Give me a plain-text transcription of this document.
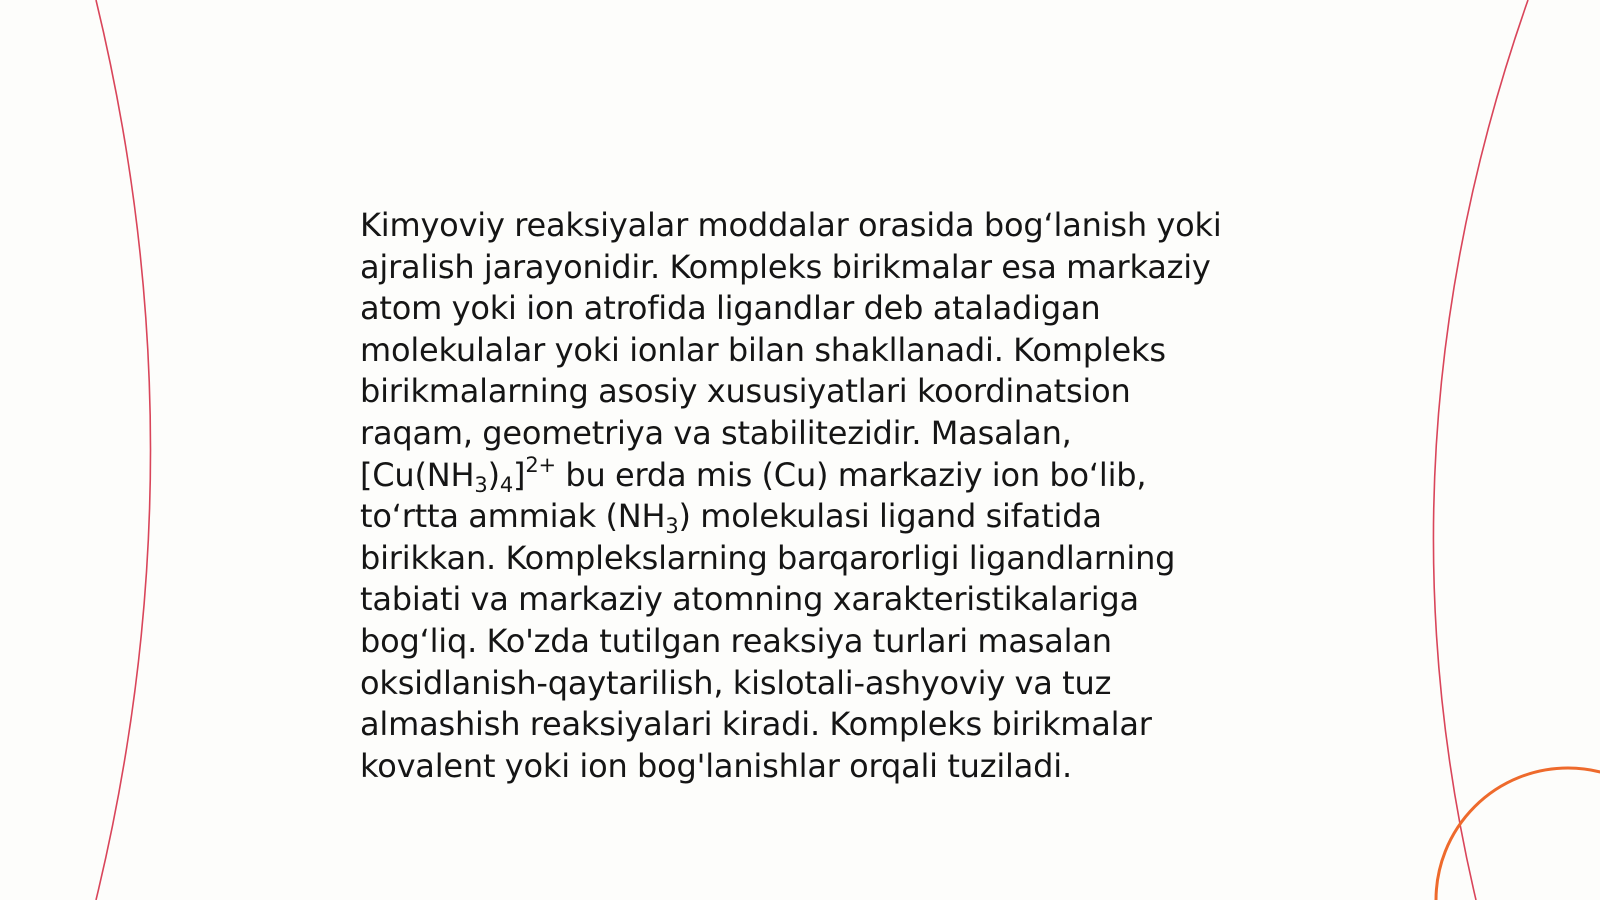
Kimyoviy reaksiyalar moddalar orasida bog‘lanish yoki
ajralish jarayonidir. Kompleks birikmalar esa markaziy
atom yoki ion atrofida ligandlar deb ataladigan
molekulalar yoki ionlar bilan shakllanadi. Kompleks
birikmalarning asosiy xususiyatlari koordinatsion
raqam, geometriya va stabilitezidir. Masalan,
$[Cu(NH_3)_4]^{2+}$ bu erda mis (Cu) markaziy ion bo‘lib,
to‘rtta ammiak $(NH_3)$ molekulasi ligand sifatida
birikkan. Komplekslarning barqarorligi ligandlarning
tabiati va markaziy atomning xarakteristikalariga
bog‘liq. Ko'zda tutilgan reaksiya turlari masalan
oksidlanish-qaytarilish, kislotali-ashyoviy va tuz
almashish reaksiyalari kiradi. Kompleks birikmalar
kovalent yoki ion bog'lanishlar orqali tuziladi.
